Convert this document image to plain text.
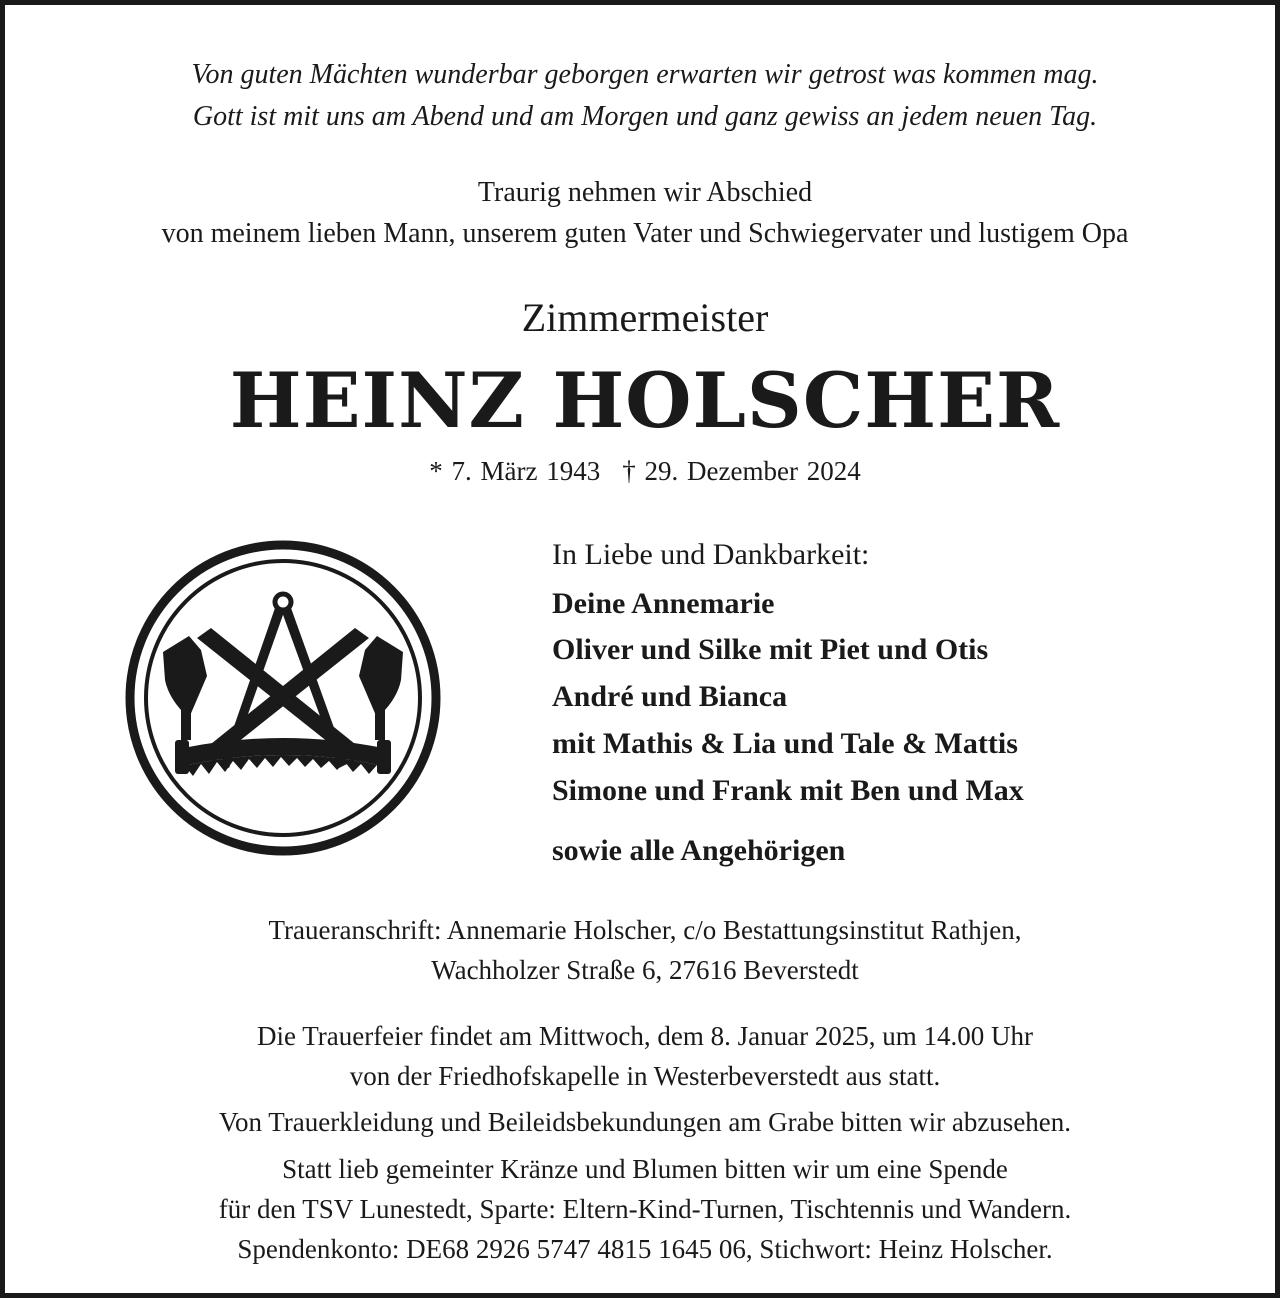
Von guten Mächten wunderbar geborgen erwarten wir getrost was kommen mag.
Gott ist mit uns am Abend und am Morgen und ganz gewiss an jedem neuen Tag.
Traurig nehmen wir Abschied
von meinem lieben Mann, unserem guten Vater und Schwiegervater und lustigem Opa
Zimmermeister
HEINZ HOLSCHER
* 7. März 1943 † 29. Dezember 2024
In Liebe und Dankbarkeit:
Deine Annemarie
Oliver und Silke mit Piet und Otis
André und Bianca
mit Mathis & Lia und Tale & Mattis
Simone und Frank mit Ben und Max
sowie alle Angehörigen
Traueranschrift: Annemarie Holscher, c/o Bestattungsinstitut Rathjen,
Wachholzer Straße 6, 27616 Beverstedt
Die Trauerfeier findet am Mittwoch, dem 8. Januar 2025, um 14.00 Uhr
von der Friedhofskapelle in Westerbeverstedt aus statt.
Von Trauerkleidung und Beileidsbekundungen am Grabe bitten wir abzusehen.
Statt lieb gemeinter Kränze und Blumen bitten wir um eine Spende
für den TSV Lunestedt, Sparte: Eltern-Kind-Turnen, Tischtennis und Wandern.
Spendenkonto: DE68 2926 5747 4815 1645 06, Stichwort: Heinz Holscher.
